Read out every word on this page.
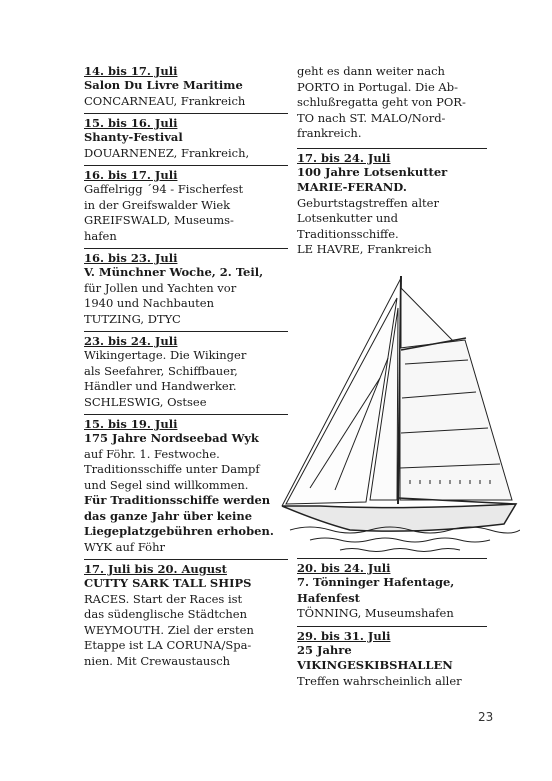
14. bis 17. Juli
Salon Du Livre Maritime
CONCARNEAU, Frankreich
15. bis 16. Juli
Shanty-Festival
DOUARNENEZ, Frankreich,
16. bis 17. Juli
Gaffelrigg ´94 - Fischerfest
in der Greifswalder Wiek
GREIFSWALD, Museums-
hafen
16. bis 23. Juli
V. Münchner Woche, 2. Teil,
für Jollen und Yachten vor
1940 und Nachbauten
TUTZING, DTYC
23. bis 24. Juli
Wikingertage. Die Wikinger
als Seefahrer, Schiffbauer,
Händler und Handwerker.
SCHLESWIG, Ostsee
15. bis 19. Juli
175 Jahre Nordseebad Wyk
auf Föhr. 1. Festwoche.
Traditionsschiffe unter Dampf
und Segel sind willkommen.
Für Traditionsschiffe werden
das ganze Jahr über keine
Liegeplatzgebühren erhoben.
WYK auf Föhr
17. Juli bis 20. August
CUTTY SARK TALL SHIPS
RACES. Start der Races ist
das südenglische Städtchen
WEYMOUTH. Ziel der ersten
Etappe ist LA CORUNA/Spa-
nien. Mit Crewaustausch
geht es dann weiter nach
PORTO in Portugal. Die Ab-
schlußregatta geht von POR-
TO nach ST. MALO/Nord-
frankreich.
17. bis 24. Juli
100 Jahre Lotsenkutter
MARIE-FERAND.
Geburtstagstreffen alter
Lotsenkutter und
Traditionsschiffe.
LE HAVRE, Frankreich
20. bis 24. Juli
7. Tönninger Hafentage,
Hafenfest
TÖNNING, Museumshafen
29. bis 31. Juli
25 Jahre
VIKINGESKIBSHALLEN
Treffen wahrscheinlich aller
23
